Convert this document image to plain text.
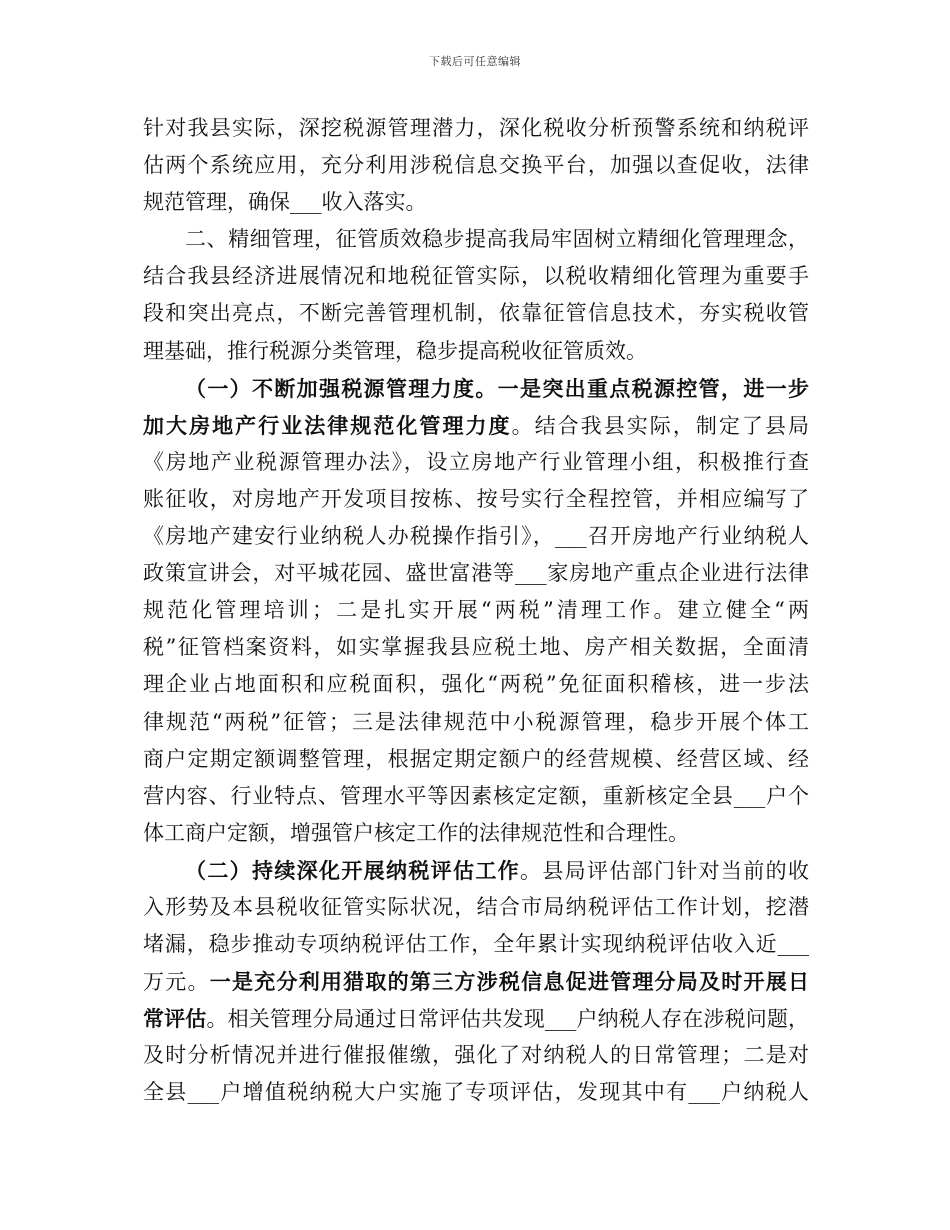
下载后可任意编辑
针对我县实际，深挖税源管理潜力，深化税收分析预警系统和纳税评
估两个系统应用，充分利用涉税信息交换平台，加强以查促收，法律
规范管理，确保___收入落实。
二、精细管理，征管质效稳步提高我局牢固树立精细化管理理念，
结合我县经济进展情况和地税征管实际，以税收精细化管理为重要手
段和突出亮点，不断完善管理机制，依靠征管信息技术，夯实税收管
理基础，推行税源分类管理，稳步提高税收征管质效。
（一）不断加强税源管理力度。一是突出重点税源控管，进一步
加大房地产行业法律规范化管理力度。结合我县实际，制定了县局
《房地产业税源管理办法》，设立房地产行业管理小组，积极推行查
账征收，对房地产开发项目按栋、按号实行全程控管，并相应编写了
《房地产建安行业纳税人办税操作指引》，___召开房地产行业纳税人
政策宣讲会，对平城花园、盛世富港等___家房地产重点企业进行法律
规范化管理培训；二是扎实开展“两税”清理工作。建立健全“两
税”征管档案资料，如实掌握我县应税土地、房产相关数据，全面清
理企业占地面积和应税面积，强化“两税”免征面积稽核，进一步法
律规范“两税”征管；三是法律规范中小税源管理，稳步开展个体工
商户定期定额调整管理，根据定期定额户的经营规模、经营区域、经
营内容、行业特点、管理水平等因素核定定额，重新核定全县___户个
体工商户定额，增强管户核定工作的法律规范性和合理性。
（二）持续深化开展纳税评估工作。县局评估部门针对当前的收
入形势及本县税收征管实际状况，结合市局纳税评估工作计划，挖潜
堵漏，稳步推动专项纳税评估工作，全年累计实现纳税评估收入近___
万元。一是充分利用猎取的第三方涉税信息促进管理分局及时开展日
常评估。相关管理分局通过日常评估共发现___户纳税人存在涉税问题，
及时分析情况并进行催报催缴，强化了对纳税人的日常管理；二是对
全县___户增值税纳税大户实施了专项评估，发现其中有___户纳税人
